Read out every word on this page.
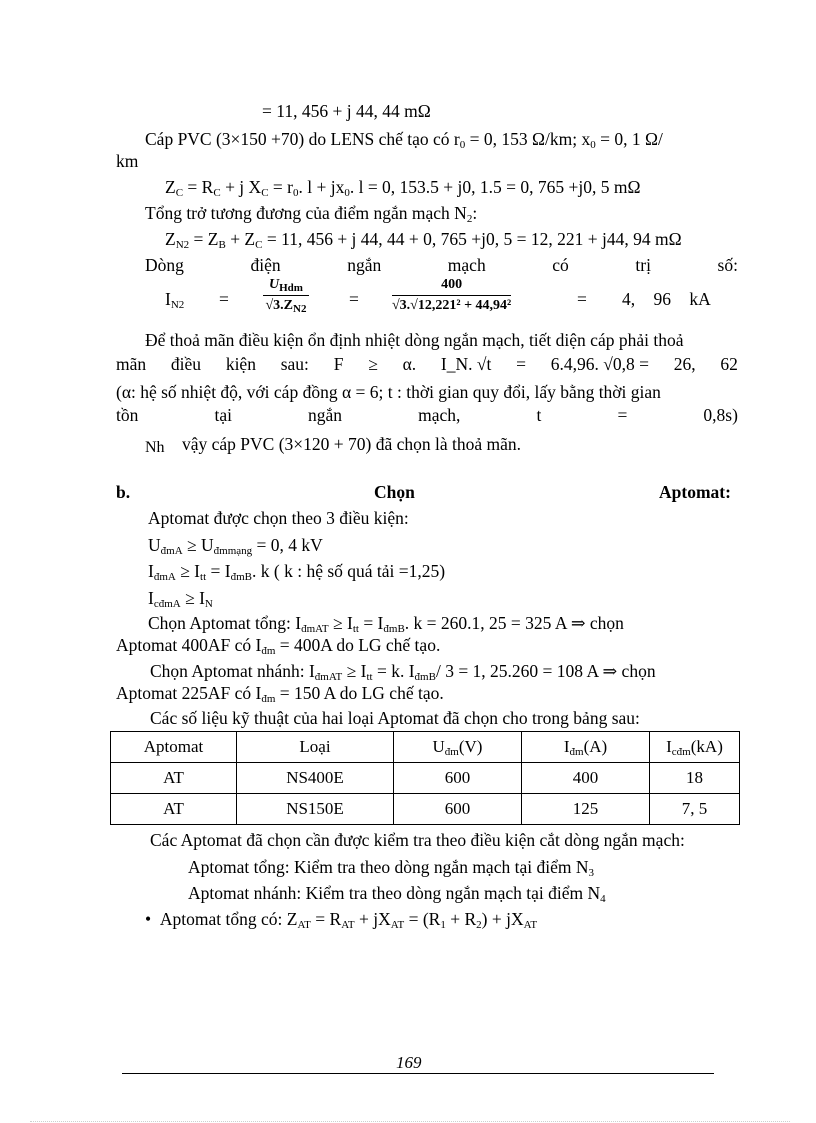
= 11, 456 + j 44, 44 mΩ
Cáp PVC (3×150 +70) do LENS chế tạo có $r_0 = 0$, 153 Ω/km; $x_0 = 0$, 1 Ω/
km
$Z_C = R_C + j$ $X_C = r_0$. $l + jx_0$. l = 0, 153.5 + j0, 1.5 = 0, 765 +j0, 5 mΩ
Tổng trở tương đương của điểm ngắn mạch $N_2$:
$Z_{N2} = Z_B + Z_C = 11$, 456 + j 44, 44 + 0, 765 +j0, 5 = 12, 221 + j44, 94 mΩ
Dòng	điện	ngắn	mạch	có	trị	số:
$I_{N2}$ =
$U_{Hdm}$
$√3.Z_{N2} = \frac{400}{\text{√3.√12,221² + 44,94²}}$	= 4, 96 kA
Để thoả mãn điều kiện ổn định nhiệt dòng ngắn mạch, tiết diện cáp phải thoả
mãn điều kiện sau: F ≥ α. I_N. √t = 6.4,96. √0,8 = 26, 62
(α: hệ số nhiệt độ, với cáp đồng α = 6; t : thời gian quy đổi, lấy bằng thời gian
tồn	tại	ngắn	mạch,	t	=	0,8s)
Nh vậy cáp PVC (3×120 + 70) đã chọn là thoả mãn.
b.	Chọn	Aptomat:
Aptomat được chọn theo 3 điều kiện:
$U_{đmA} \ge U_{đmmạng} = 0$, 4 kV
$I_{đmA} \ge I_{tt} = I_{đmB}$. k ( k : hệ số quá tải =1,25)
$I_{cđmA} \ge I_N$
Chọn Aptomat tổng: $I_{đmAT} \ge I_{tt} = I_{đmB}$. k = 260.1, 25 = 325 A ⇒ chọn
Aptomat 400AF có $I_{đm} = 400A$ do LG chế tạo.
Chọn Aptomat nhánh: $I_{đmAT} \ge I_{tt} = k$. $I_{đmB}/$ 3 = 1, 25.260 = 108 A ⇒ chọn
Aptomat 225AF có $I_{đm} = 150$ A do LG chế tạo.
Các số liệu kỹ thuật của hai loại Aptomat đã chọn cho trong bảng sau:
Aptomat	Loại	$U_{đm}(V)$	$I_{đm}(A)$	$I_{cđm}(kA)$
AT	NS400E	600	400	18
AT	NS150E	600	125	7, 5
Các Aptomat đã chọn cần được kiểm tra theo điều kiện cắt dòng ngắn mạch:
Aptomat tổng: Kiểm tra theo dòng ngắn mạch tại điểm $N_3$
Aptomat nhánh: Kiểm tra theo dòng ngắn mạch tại điểm $N_4$
•  Aptomat tổng có: $Z_{AT} = R_{AT} + jX_{AT} = (R_1 + R_2) + jX_{AT}$
169
